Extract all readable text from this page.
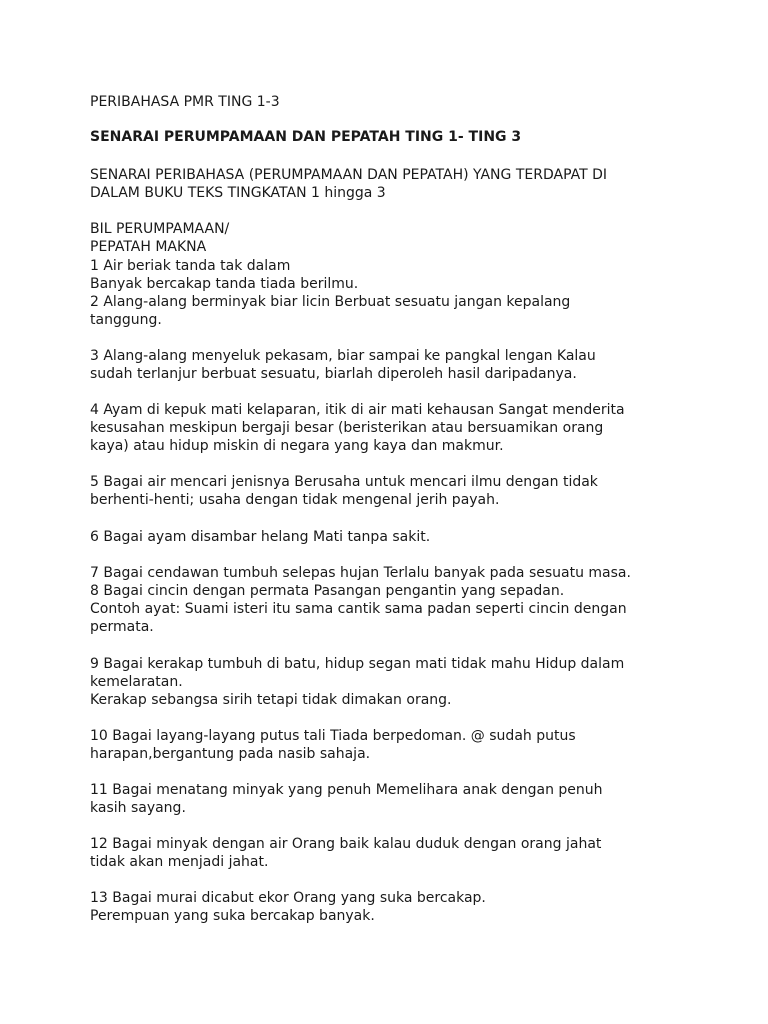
PERIBAHASA PMR TING 1-3
SENARAI PERUMPAMAAN DAN PEPATAH TING 1- TING 3
SENARAI PERIBAHASA (PERUMPAMAAN DAN PEPATAH) YANG TERDAPAT DI
DALAM BUKU TEKS TINGKATAN 1 hingga 3
BIL PERUMPAMAAN/
PEPATAH MAKNA
1 Air beriak tanda tak dalam
Banyak bercakap tanda tiada berilmu.
2 Alang-alang berminyak biar licin Berbuat sesuatu jangan kepalang
tanggung.
3 Alang-alang menyeluk pekasam, biar sampai ke pangkal lengan Kalau
sudah terlanjur berbuat sesuatu, biarlah diperoleh hasil daripadanya.
4 Ayam di kepuk mati kelaparan, itik di air mati kehausan Sangat menderita
kesusahan meskipun bergaji besar (beristerikan atau bersuamikan orang
kaya) atau hidup miskin di negara yang kaya dan makmur.
5 Bagai air mencari jenisnya Berusaha untuk mencari ilmu dengan tidak
berhenti-henti; usaha dengan tidak mengenal jerih payah.
6 Bagai ayam disambar helang Mati tanpa sakit.
7 Bagai cendawan tumbuh selepas hujan Terlalu banyak pada sesuatu masa.
8 Bagai cincin dengan permata Pasangan pengantin yang sepadan.
Contoh ayat: Suami isteri itu sama cantik sama padan seperti cincin dengan
permata.
9 Bagai kerakap tumbuh di batu, hidup segan mati tidak mahu Hidup dalam
kemelaratan.
Kerakap sebangsa sirih tetapi tidak dimakan orang.
10 Bagai layang-layang putus tali Tiada berpedoman. @ sudah putus
harapan,bergantung pada nasib sahaja.
11 Bagai menatang minyak yang penuh Memelihara anak dengan penuh
kasih sayang.
12 Bagai minyak dengan air Orang baik kalau duduk dengan orang jahat
tidak akan menjadi jahat.
13 Bagai murai dicabut ekor Orang yang suka bercakap.
Perempuan yang suka bercakap banyak.
